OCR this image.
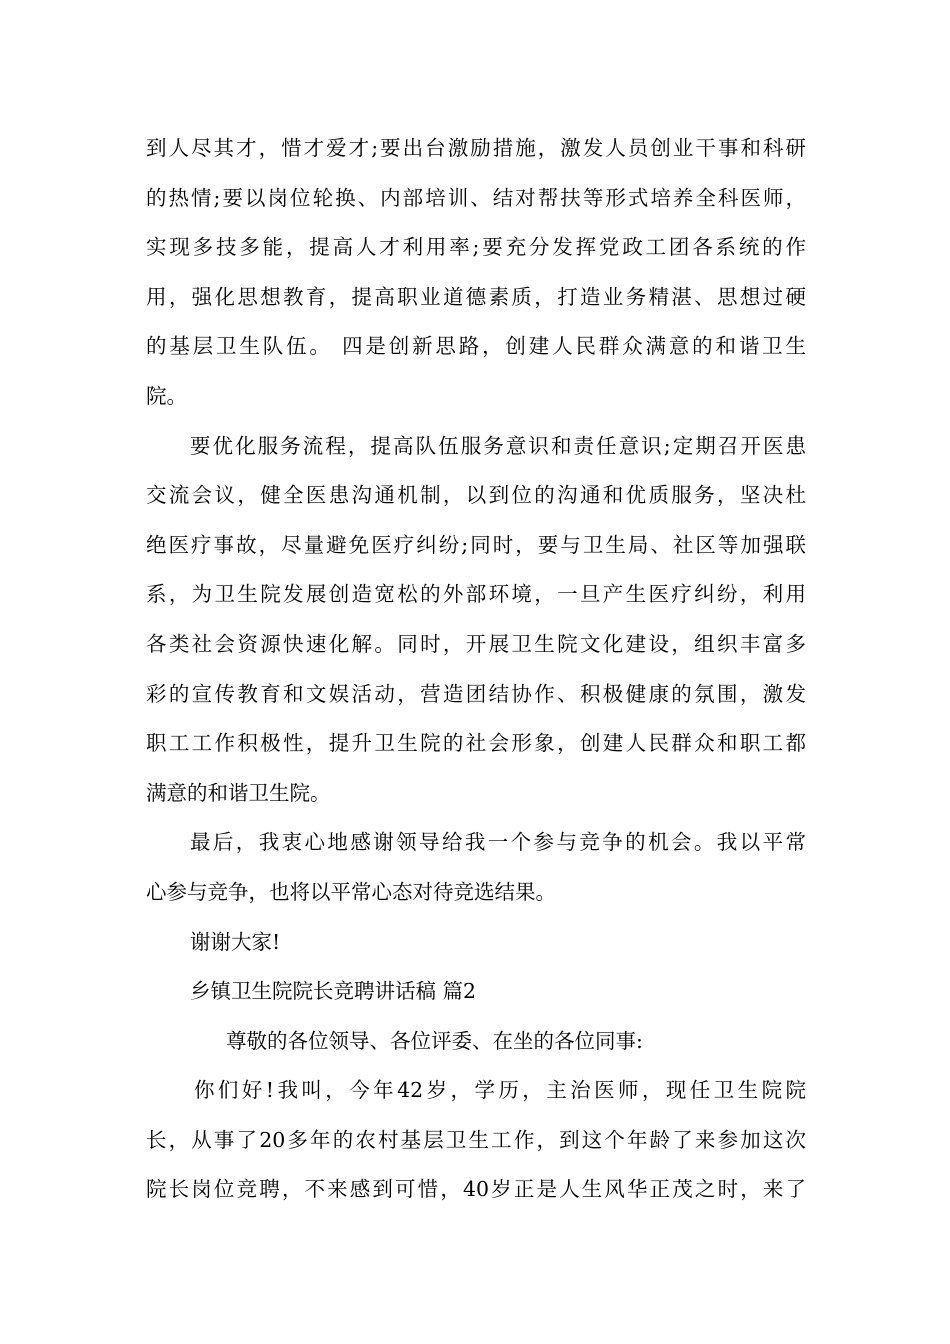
到人尽其才，惜才爱才;要出台激励措施，激发人员创业干事和科研
的热情;要以岗位轮换、内部培训、结对帮扶等形式培养全科医师，
实现多技多能，提高人才利用率;要充分发挥党政工团各系统的作
用，强化思想教育，提高职业道德素质，打造业务精湛、思想过硬
的基层卫生队伍。 四是创新思路，创建人民群众满意的和谐卫生
院。
要优化服务流程，提高队伍服务意识和责任意识;定期召开医患
交流会议，健全医患沟通机制，以到位的沟通和优质服务，坚决杜
绝医疗事故，尽量避免医疗纠纷;同时，要与卫生局、社区等加强联
系，为卫生院发展创造宽松的外部环境，一旦产生医疗纠纷，利用
各类社会资源快速化解。同时，开展卫生院文化建设，组织丰富多
彩的宣传教育和文娱活动，营造团结协作、积极健康的氛围，激发
职工工作积极性，提升卫生院的社会形象，创建人民群众和职工都
满意的和谐卫生院。
最后，我衷心地感谢领导给我一个参与竞争的机会。我以平常
心参与竞争，也将以平常心态对待竞选结果。
谢谢大家!
乡镇卫生院院长竞聘讲话稿 篇2
尊敬的各位领导、各位评委、在坐的各位同事:
你们好!我叫，今年42岁，学历，主治医师，现任卫生院院
长，从事了20多年的农村基层卫生工作，到这个年龄了来参加这次
院长岗位竞聘，不来感到可惜，40岁正是人生风华正茂之时，来了
